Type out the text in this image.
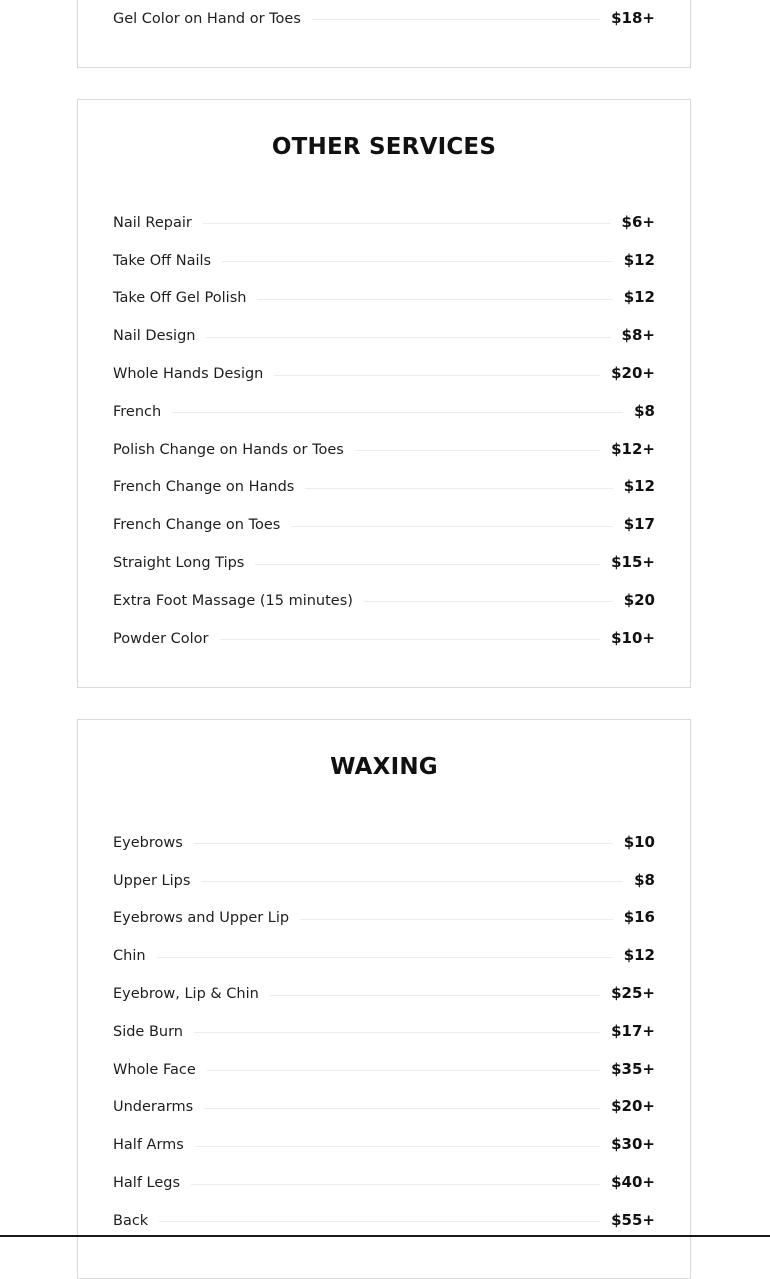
Gel Color on Hand or Toes	$18+
OTHER SERVICES
Nail Repair	$6+
Take Off Nails	$12
Take Off Gel Polish	$12
Nail Design	$8+
Whole Hands Design	$20+
French	$8
Polish Change on Hands or Toes	$12+
French Change on Hands	$12
French Change on Toes	$17
Straight Long Tips	$15+
Extra Foot Massage (15 minutes)	$20
Powder Color	$10+
WAXING
Eyebrows	$10
Upper Lips	$8
Eyebrows and Upper Lip	$16
Chin	$12
Eyebrow, Lip & Chin	$25+
Side Burn	$17+
Whole Face	$35+
Underarms	$20+
Half Arms	$30+
Half Legs	$40+
Back	$55+
